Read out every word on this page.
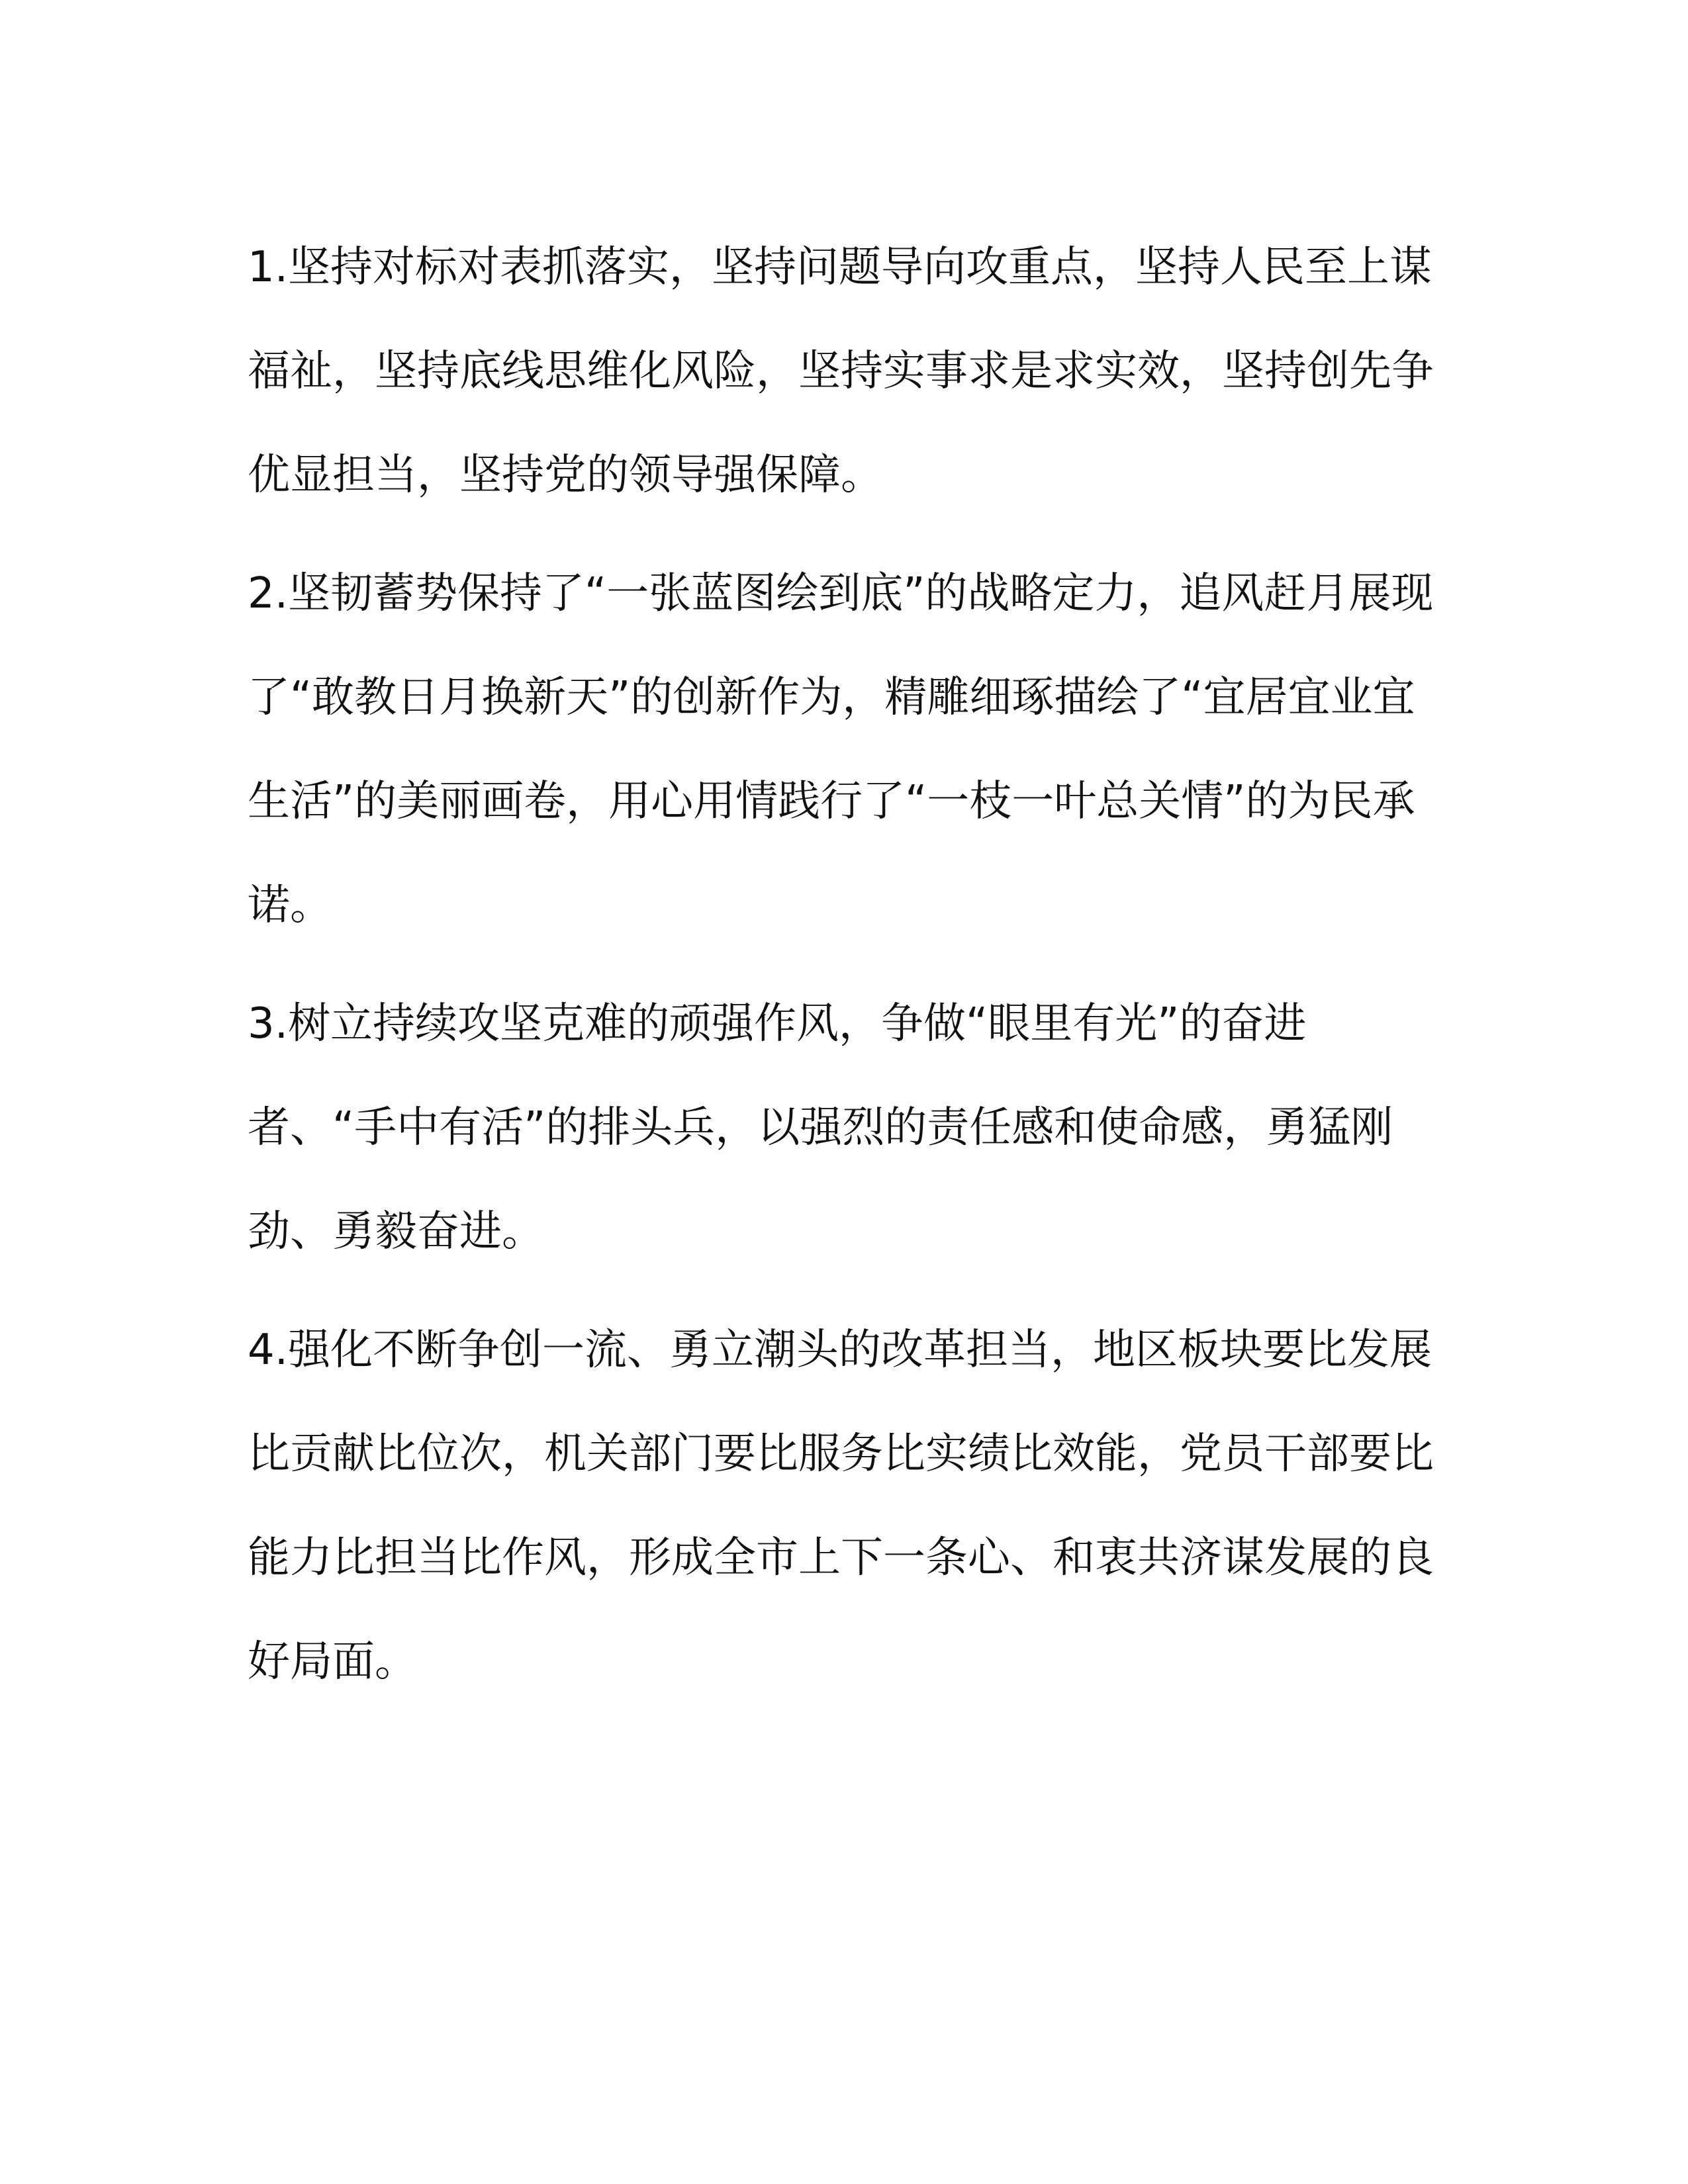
1.坚持对标对表抓落实，坚持问题导向攻重点，坚持人民至上谋福祉，坚持底线思维化风险，坚持实事求是求实效，坚持创先争优显担当，坚持党的领导强保障。

2.坚韧蓄势保持了“一张蓝图绘到底”的战略定力，追风赶月展现了“敢教日月换新天”的创新作为，精雕细琢描绘了“宜居宜业宜生活”的美丽画卷，用心用情践行了“一枝一叶总关情”的为民承诺。

3.树立持续攻坚克难的顽强作风，争做“眼里有光”的奋进者、“手中有活”的排头兵，以强烈的责任感和使命感，勇猛刚劲、勇毅奋进。

4.强化不断争创一流、勇立潮头的改革担当，地区板块要比发展比贡献比位次，机关部门要比服务比实绩比效能，党员干部要比能力比担当比作风，形成全市上下一条心、和衷共济谋发展的良好局面。
